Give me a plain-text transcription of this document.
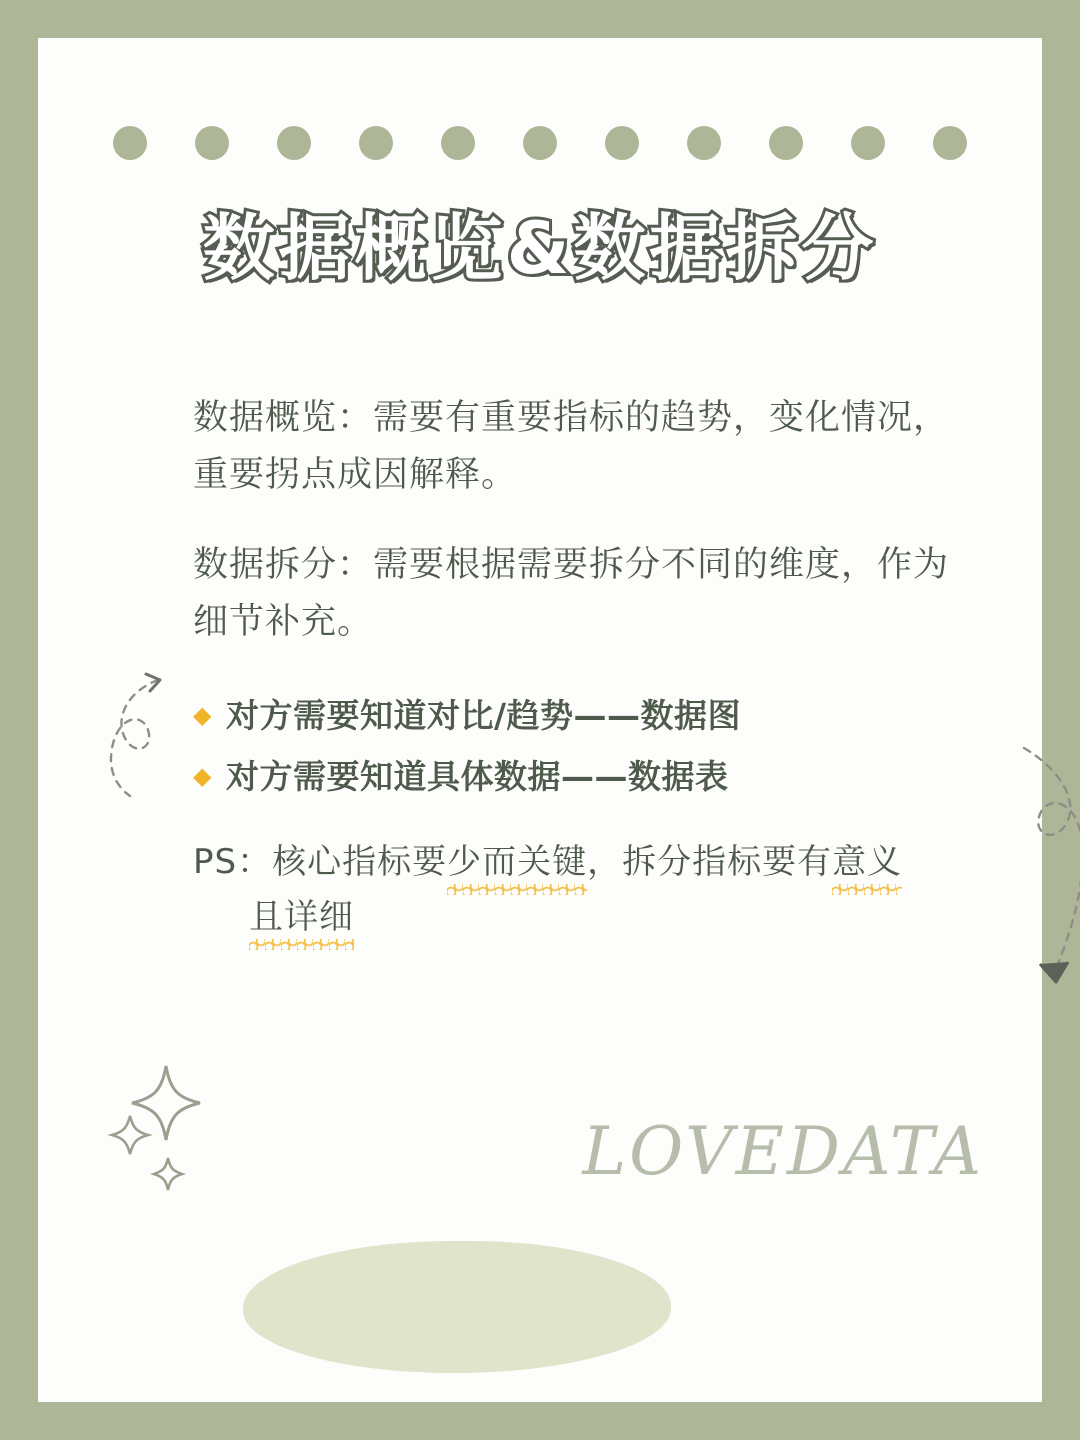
数据概览&数据拆分

数据概览：需要有重要指标的趋势，变化情况，重要拐点成因解释。

数据拆分：需要根据需要拆分不同的维度，作为细节补充。

◆ 对方需要知道对比/趋势——数据图
◆ 对方需要知道具体数据——数据表

PS：核心指标要少而关键，拆分指标要有意义
且详细

LOVEDATA
